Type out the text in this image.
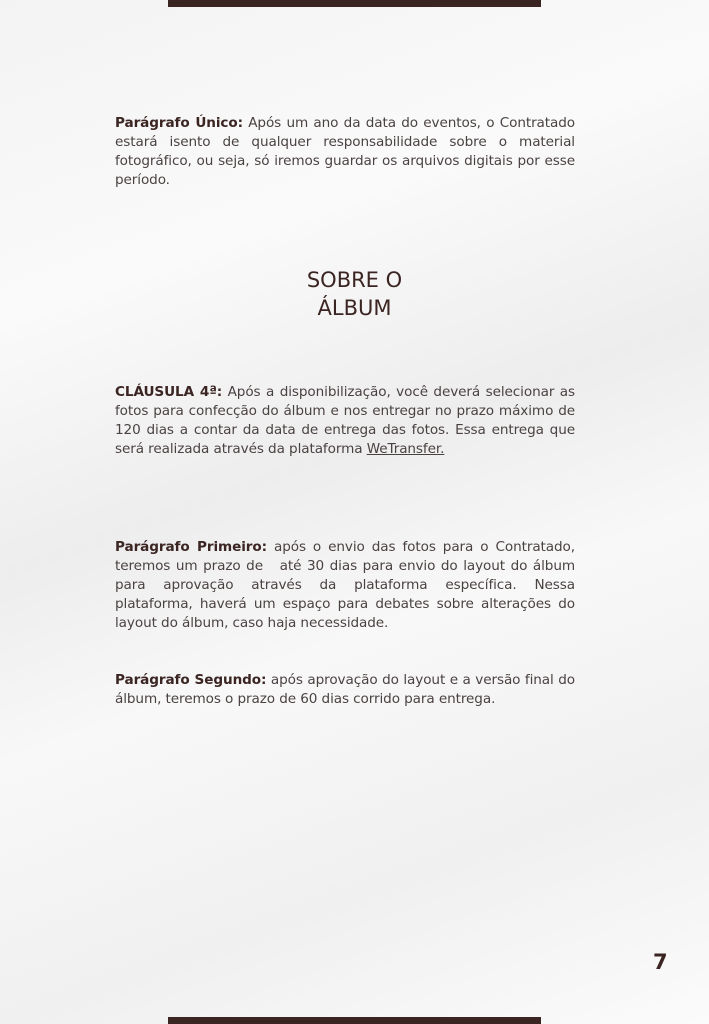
Parágrafo Único: Após um ano da data do eventos, o Contratado estará isento de qualquer responsabilidade sobre o material fotográfico, ou seja, só iremos guardar os arquivos digitais por esse período.
SOBRE O
ÁLBUM
CLÁUSULA 4ª: Após a disponibilização, você deverá selecionar as fotos para confecção do álbum e nos entregar no prazo máximo de 120 dias a contar da data de entrega das fotos. Essa entrega que será realizada através da plataforma WeTransfer.
Parágrafo Primeiro: após o envio das fotos para o Contratado, teremos um prazo de   até 30 dias para envio do layout do álbum para aprovação através da plataforma específica. Nessa plataforma, haverá um espaço para debates sobre alterações do layout do álbum, caso haja necessidade.
Parágrafo Segundo: após aprovação do layout e a versão final do álbum, teremos o prazo de 60 dias corrido para entrega.
7
